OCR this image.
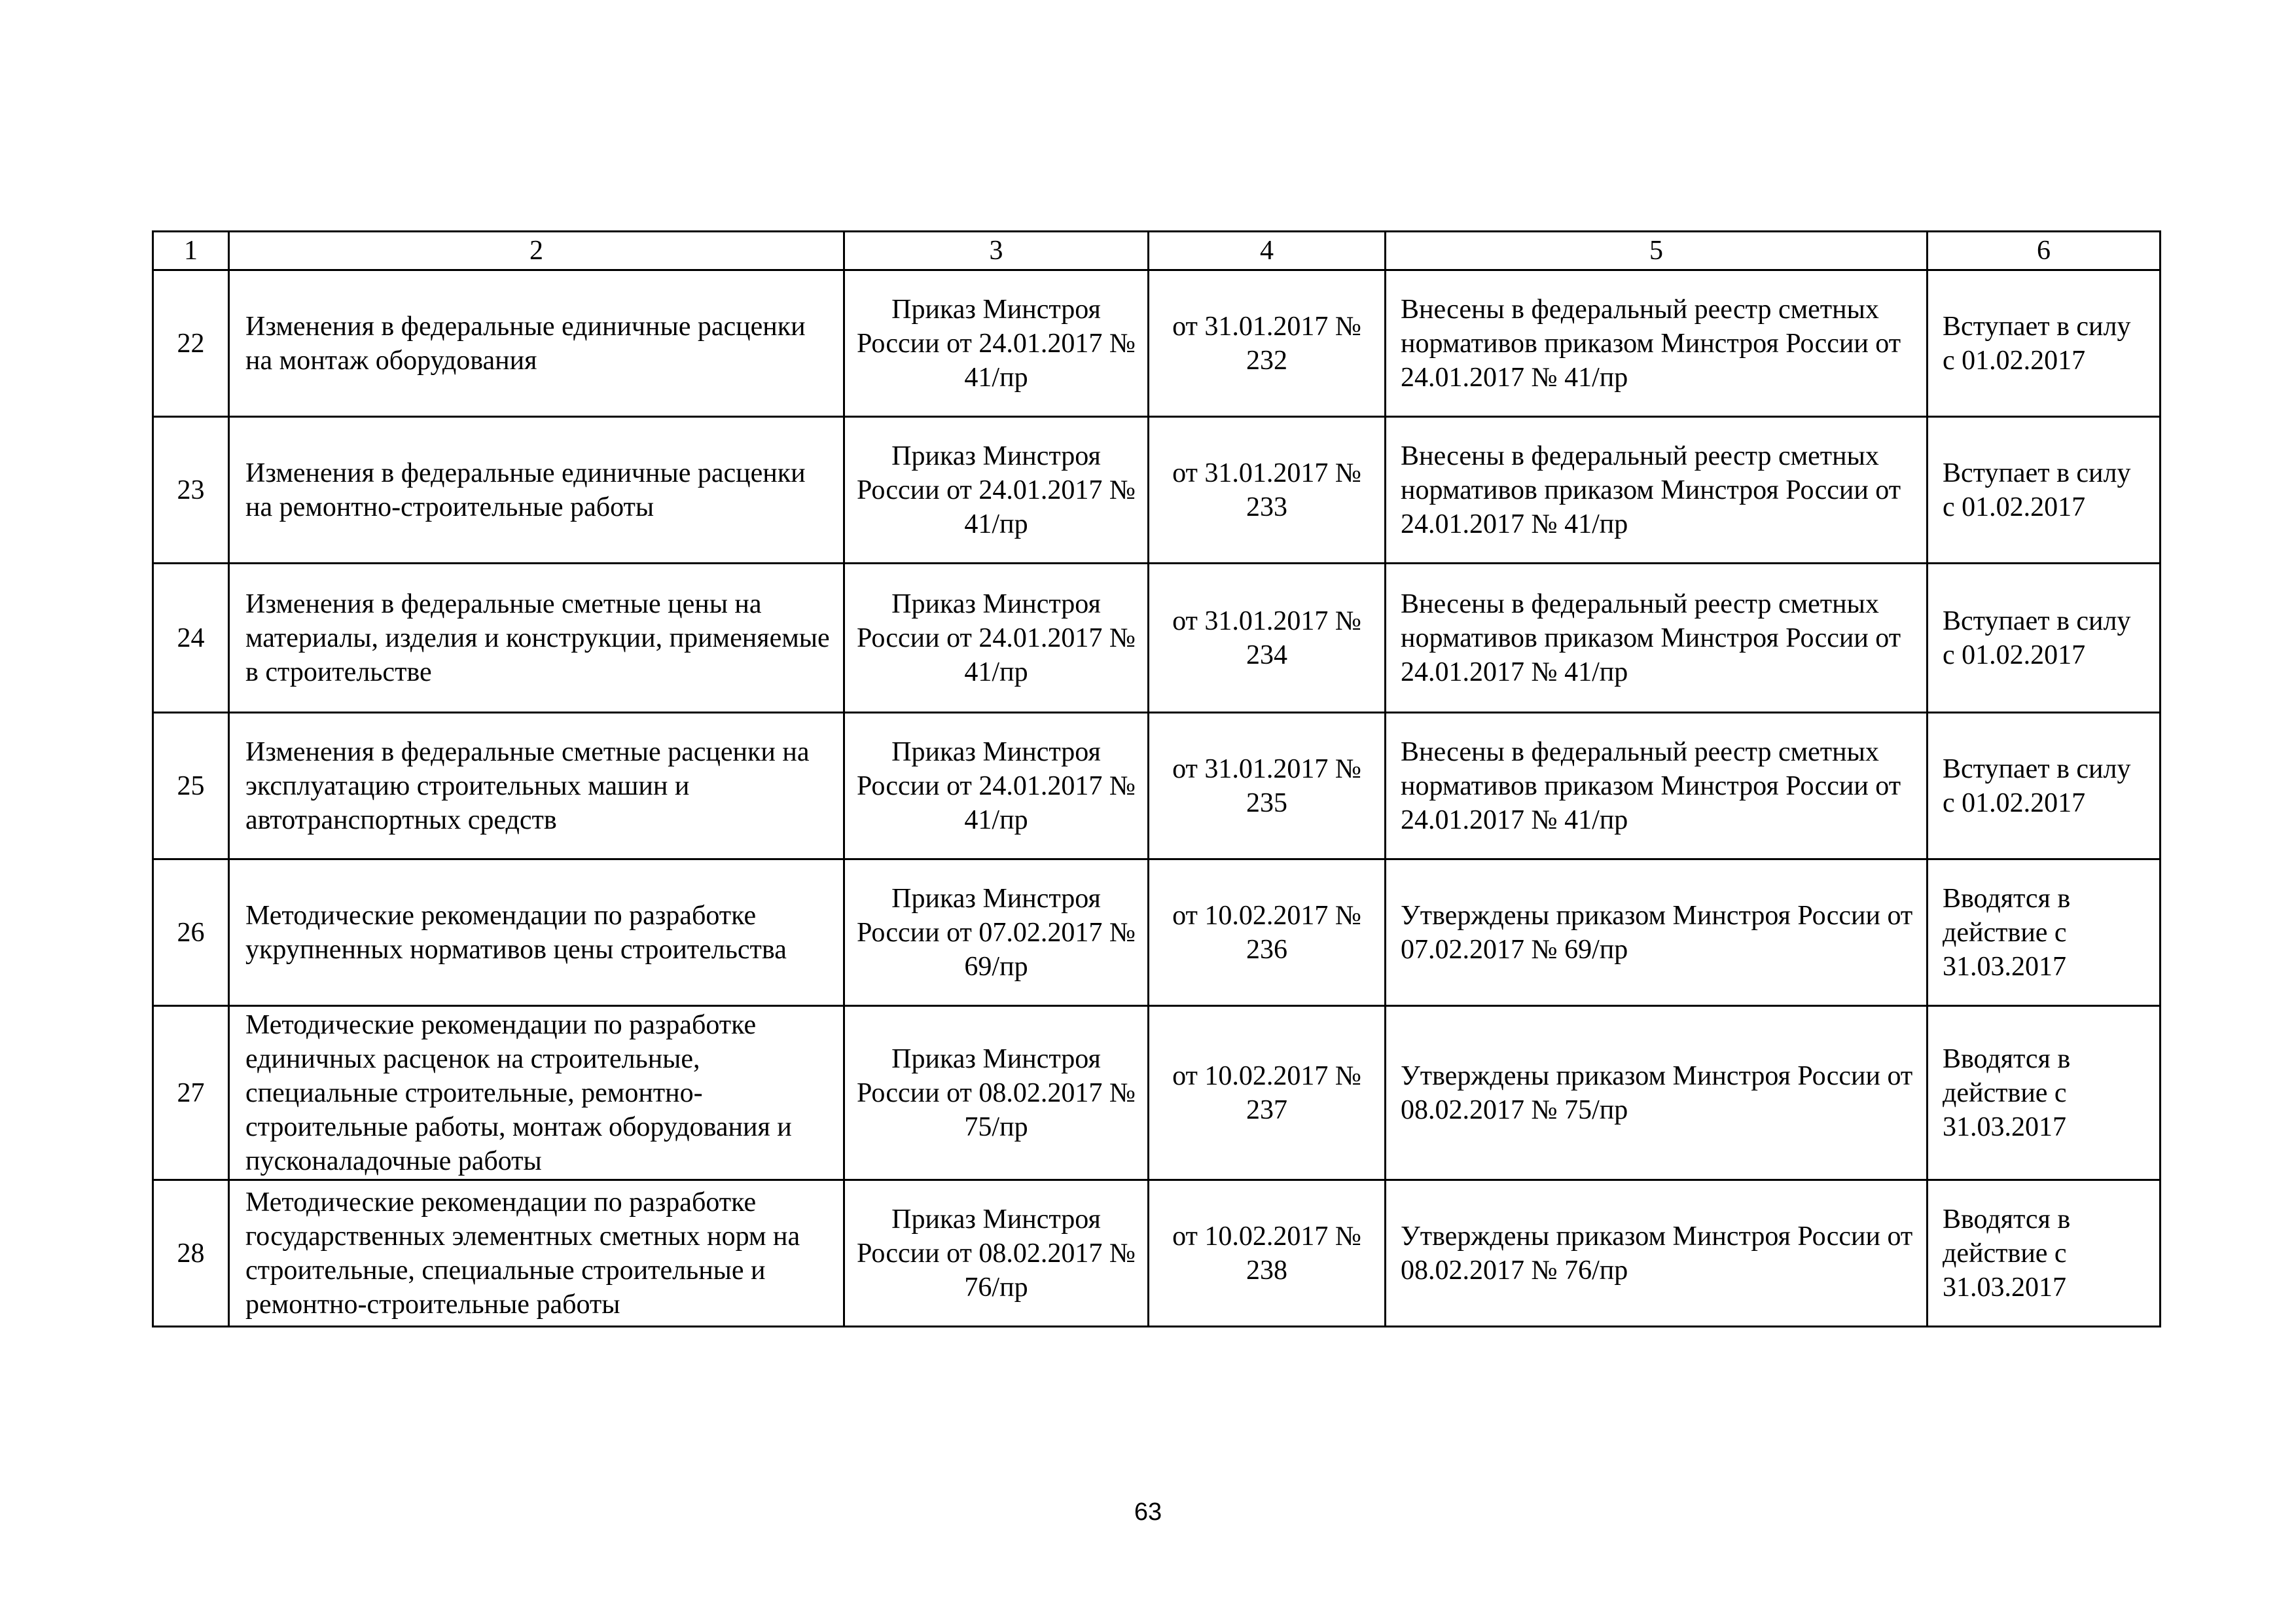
1	2	3	4	5	6
22	Изменения в федеральные единичные расценки на монтаж оборудования	Приказ Минстроя России от 24.01.2017 № 41/пр	от 31.01.2017 № 232	Внесены в федеральный реестр сметных нормативов приказом Минстроя России от 24.01.2017 № 41/пр	Вступает в силу с 01.02.2017
23	Изменения в федеральные единичные расценки на ремонтно-строительные работы	Приказ Минстроя России от 24.01.2017 № 41/пр	от 31.01.2017 № 233	Внесены в федеральный реестр сметных нормативов приказом Минстроя России от 24.01.2017 № 41/пр	Вступает в силу с 01.02.2017
24	Изменения в федеральные сметные цены на материалы, изделия и конструкции, применяемые в строительстве	Приказ Минстроя России от 24.01.2017 № 41/пр	от 31.01.2017 № 234	Внесены в федеральный реестр сметных нормативов приказом Минстроя России от 24.01.2017 № 41/пр	Вступает в силу с 01.02.2017
25	Изменения в федеральные сметные расценки на эксплуатацию строительных машин и автотранспортных средств	Приказ Минстроя России от 24.01.2017 № 41/пр	от 31.01.2017 № 235	Внесены в федеральный реестр сметных нормативов приказом Минстроя России от 24.01.2017 № 41/пр	Вступает в силу с 01.02.2017
26	Методические рекомендации по разработке укрупненных нормативов цены строительства	Приказ Минстроя России от 07.02.2017 № 69/пр	от 10.02.2017 № 236	Утверждены приказом Минстроя России от 07.02.2017 № 69/пр	Вводятся в действие с 31.03.2017
27	Методические рекомендации по разработке единичных расценок на строительные, специальные строительные, ремонтно-строительные работы, монтаж оборудования и пусконаладочные работы	Приказ Минстроя России от 08.02.2017 № 75/пр	от 10.02.2017 № 237	Утверждены приказом Минстроя России от 08.02.2017 № 75/пр	Вводятся в действие с 31.03.2017
28	Методические рекомендации по разработке государственных элементных сметных норм на строительные, специальные строительные и ремонтно-строительные работы	Приказ Минстроя России от 08.02.2017 № 76/пр	от 10.02.2017 № 238	Утверждены приказом Минстроя России от 08.02.2017 № 76/пр	Вводятся в действие с 31.03.2017
63
